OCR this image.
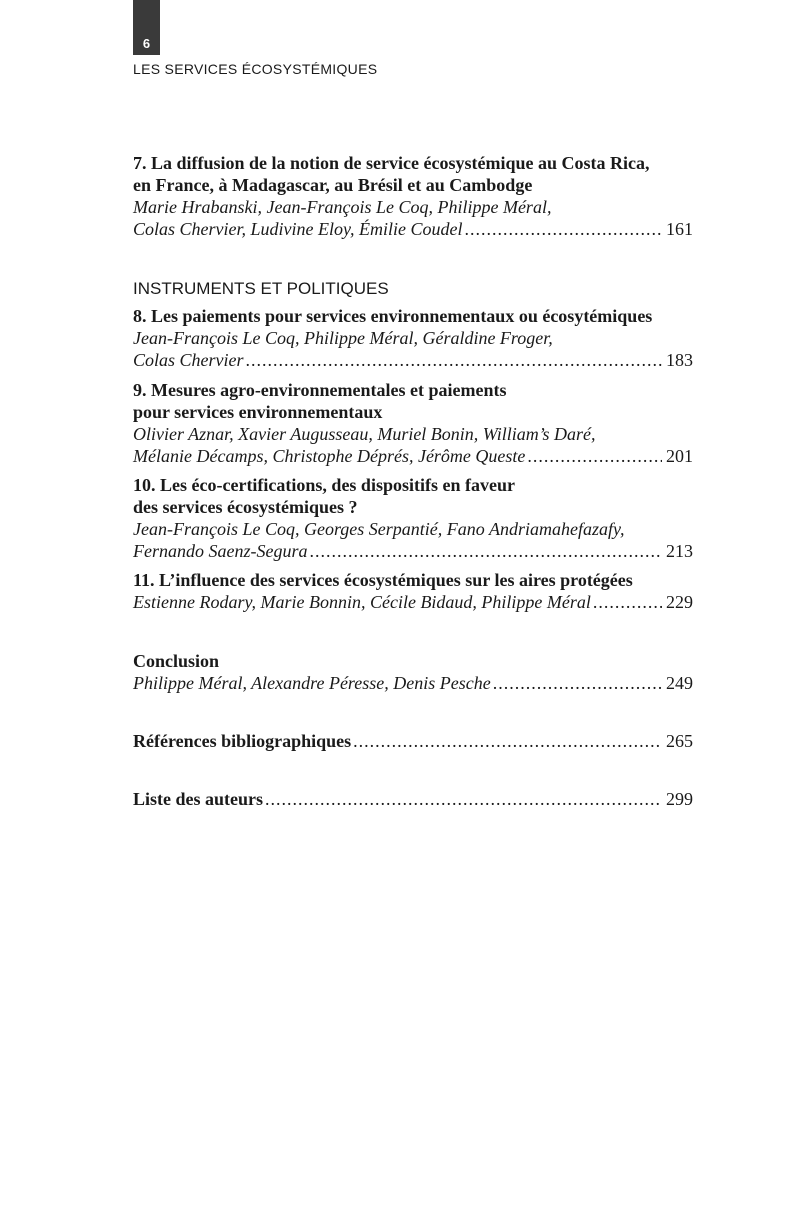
6
LES SERVICES ÉCOSYSTÉMIQUES

7. La diffusion de la notion de service écosystémique au Costa Rica,

en France, à Madagascar, au Brésil et au Cambodge

Marie Hrabanski, Jean-François Le Coq, Philippe Méral,

Colas Chervier, Ludivine Eloy, Émilie Coudel .....	161

INSTRUMENTS ET POLITIQUES

8. Les paiements pour services environnementaux ou écosytémiques

Jean-François Le Coq, Philippe Méral, Géraldine Froger,

Colas Chervier .....	183

9. Mesures agro-environnementales et paiements

pour services environnementaux

Olivier Aznar, Xavier Augusseau, Muriel Bonin, William’s Daré,

Mélanie Décamps, Christophe Déprés, Jérôme Queste .....	201

10. Les éco-certifications, des dispositifs en faveur

des services écosystémiques ?

Jean-François Le Coq, Georges Serpantié, Fano Andriamahefazafy,

Fernando Saenz-Segura .....	213

11. L’influence des services écosystémiques sur les aires protégées

Estienne Rodary, Marie Bonnin, Cécile Bidaud, Philippe Méral .....	229

Conclusion

Philippe Méral, Alexandre Péresse, Denis Pesche .....	249
Références bibliographiques .....	265
Liste des auteurs .....	299
